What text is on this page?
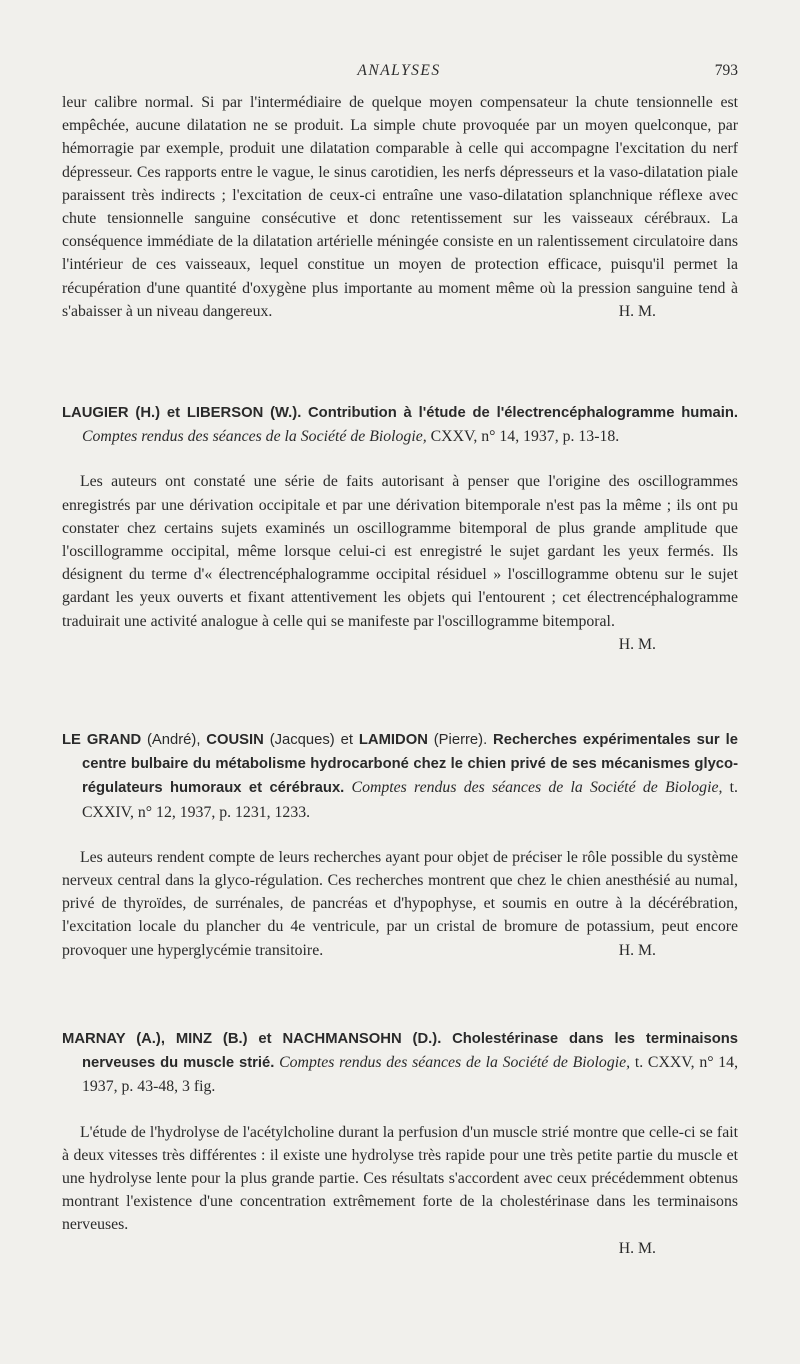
ANALYSES	793

leur calibre normal. Si par l'intermédiaire de quelque moyen compensateur la chute tensionnelle est empêchée, aucune dilatation ne se produit. La simple chute provoquée par un moyen quelconque, par hémorragie par exemple, produit une dilatation comparable à celle qui accompagne l'excitation du nerf dépresseur. Ces rapports entre le vague, le sinus carotidien, les nerfs dépresseurs et la vaso-dilatation piale paraissent très indirects ; l'excitation de ceux-ci entraîne une vaso-dilatation splanchnique réflexe avec chute tensionnelle sanguine consécutive et donc retentissement sur les vaisseaux cérébraux. La conséquence immédiate de la dilatation artérielle méningée consiste en un ralentissement circulatoire dans l'intérieur de ces vaisseaux, lequel constitue un moyen de protection efficace, puisqu'il permet la récupération d'une quantité d'oxygène plus importante au moment même où la pression sanguine tend à s'abaisser à un niveau dangereux.	H. M.

LAUGIER (H.) et LIBERSON (W.). Contribution à l'étude de l'électrencéphalogramme humain. Comptes rendus des séances de la Société de Biologie, CXXV, n° 14, 1937, p. 13-18.

Les auteurs ont constaté une série de faits autorisant à penser que l'origine des oscillogrammes enregistrés par une dérivation occipitale et par une dérivation bitemporale n'est pas la même ; ils ont pu constater chez certains sujets examinés un oscillogramme bitemporal de plus grande amplitude que l'oscillogramme occipital, même lorsque celui-ci est enregistré le sujet gardant les yeux fermés. Ils désignent du terme d'« électrencéphalogramme occipital résiduel » l'oscillogramme obtenu sur le sujet gardant les yeux ouverts et fixant attentivement les objets qui l'entourent ; cet électrencéphalogramme traduirait une activité analogue à celle qui se manifeste par l'oscillogramme bitemporal.
H. M.

LE GRAND (André), COUSIN (Jacques) et LAMIDON (Pierre). Recherches expérimentales sur le centre bulbaire du métabolisme hydrocarboné chez le chien privé de ses mécanismes glyco-régulateurs humoraux et cérébraux. Comptes rendus des séances de la Société de Biologie, t. CXXIV, n° 12, 1937, p. 1231, 1233.

Les auteurs rendent compte de leurs recherches ayant pour objet de préciser le rôle possible du système nerveux central dans la glyco-régulation. Ces recherches montrent que chez le chien anesthésié au numal, privé de thyroïdes, de surrénales, de pancréas et d'hypophyse, et soumis en outre à la décérébration, l'excitation locale du plancher du 4e ventricule, par un cristal de bromure de potassium, peut encore provoquer une hyperglycémie transitoire.	H. M.

MARNAY (A.), MINZ (B.) et NACHMANSOHN (D.). Cholestérinase dans les terminaisons nerveuses du muscle strié. Comptes rendus des séances de la Société de Biologie, t. CXXV, n° 14, 1937, p. 43-48, 3 fig.

L'étude de l'hydrolyse de l'acétylcholine durant la perfusion d'un muscle strié montre que celle-ci se fait à deux vitesses très différentes : il existe une hydrolyse très rapide pour une très petite partie du muscle et une hydrolyse lente pour la plus grande partie. Ces résultats s'accordent avec ceux précédemment obtenus montrant l'existence d'une concentration extrêmement forte de la cholestérinase dans les terminaisons nerveuses.

H. M.
